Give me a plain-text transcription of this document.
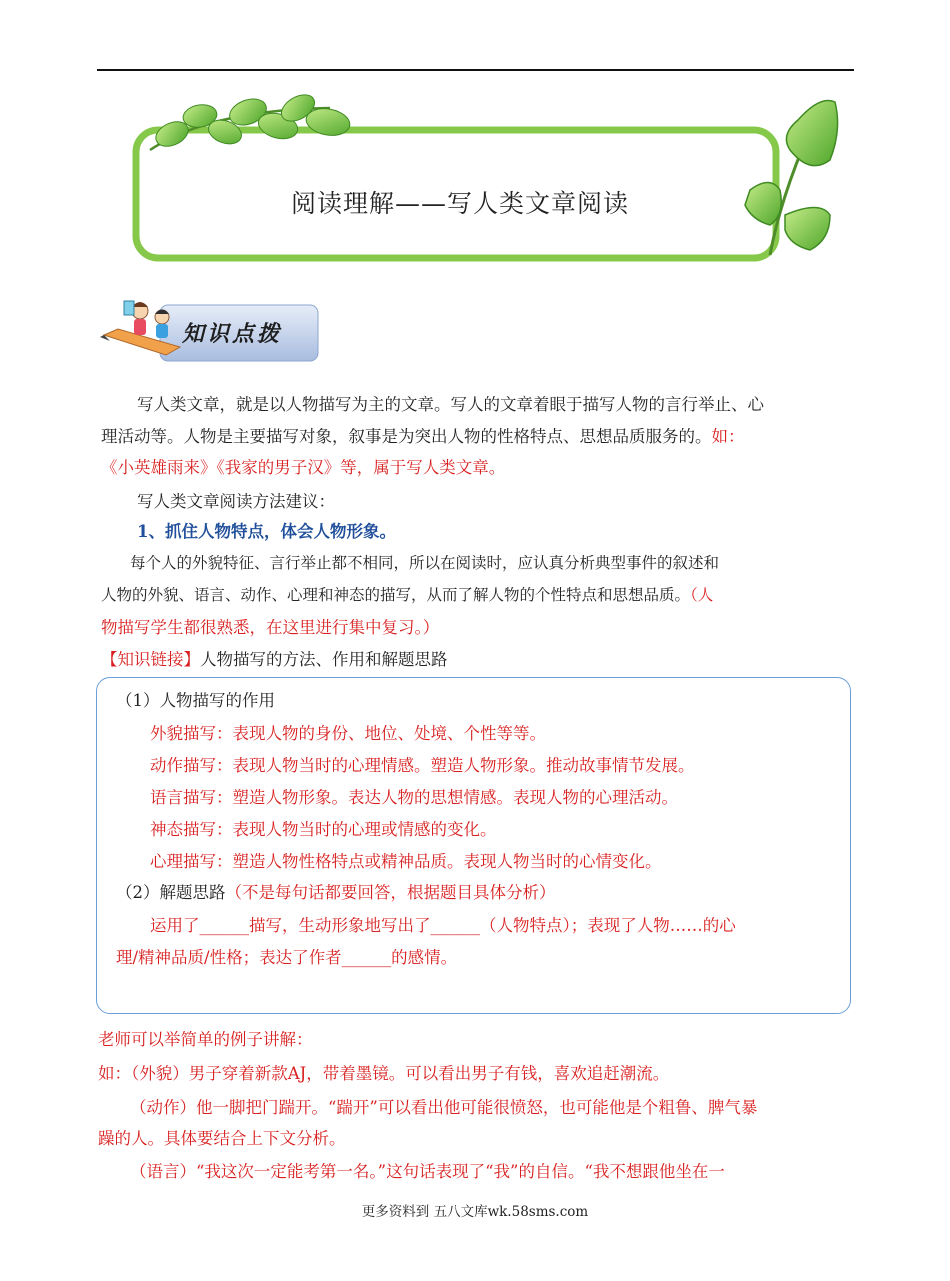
阅读理解——写人类文章阅读
知识点拨
写人类文章，就是以人物描写为主的文章。写人的文章着眼于描写人物的言行举止、心
理活动等。人物是主要描写对象，叙事是为突出人物的性格特点、思想品质服务的。如：
《小英雄雨来》《我家的男子汉》等，属于写人类文章。
写人类文章阅读方法建议：
1、抓住人物特点，体会人物形象。
每个人的外貌特征、言行举止都不相同，所以在阅读时，应认真分析典型事件的叙述和
人物的外貌、语言、动作、心理和神态的描写，从而了解人物的个性特点和思想品质。（人
物描写学生都很熟悉，在这里进行集中复习。）
【知识链接】人物描写的方法、作用和解题思路
（1）人物描写的作用
外貌描写：表现人物的身份、地位、处境、个性等等。
动作描写：表现人物当时的心理情感。塑造人物形象。推动故事情节发展。
语言描写：塑造人物形象。表达人物的思想情感。表现人物的心理活动。
神态描写：表现人物当时的心理或情感的变化。
心理描写：塑造人物性格特点或精神品质。表现人物当时的心情变化。
（2）解题思路（不是每句话都要回答，根据题目具体分析）
运用了______描写，生动形象地写出了______（人物特点）；表现了人物……的心
理/精神品质/性格；表达了作者______的感情。
老师可以举简单的例子讲解：
如：（外貌）男子穿着新款AJ，带着墨镜。可以看出男子有钱，喜欢追赶潮流。
（动作）他一脚把门踹开。“踹开”可以看出他可能很愤怒，也可能他是个粗鲁、脾气暴
躁的人。具体要结合上下文分析。
（语言）“我这次一定能考第一名。”这句话表现了“我”的自信。“我不想跟他坐在一
更多资料到 五八文库wk.58sms.com
